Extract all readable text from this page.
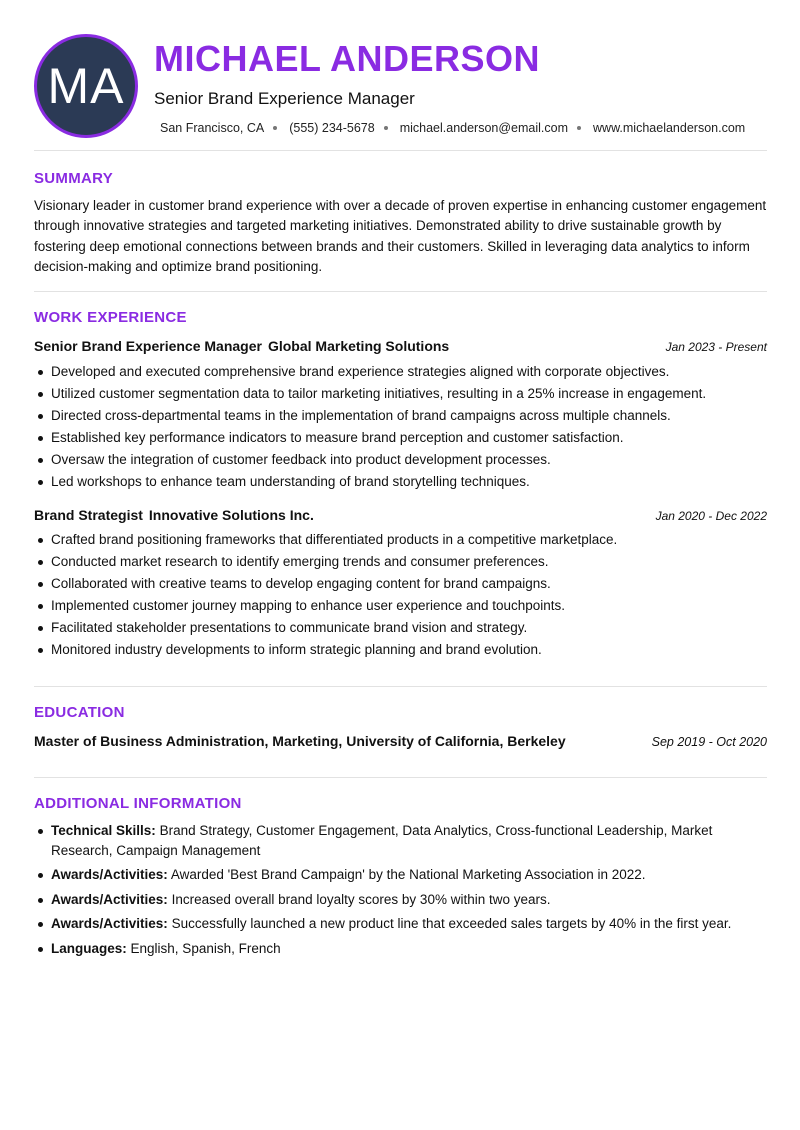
MA MICHAEL ANDERSON
Senior Brand Experience Manager
San Francisco, CA (555) 234-5678 michael.anderson@email.com www.michaelanderson.com
SUMMARY

Visionary leader in customer brand experience with over a decade of proven expertise in enhancing customer engagement through innovative strategies and targeted marketing initiatives. Demonstrated ability to drive sustainable growth by fostering deep emotional connections between brands and their customers. Skilled in leveraging data analytics to inform decision-making and optimize brand positioning.

WORK EXPERIENCE
Senior Brand Experience Manager Global Marketing Solutions	Jan 2023 - Present
Developed and executed comprehensive brand experience strategies aligned with corporate objectives.
Utilized customer segmentation data to tailor marketing initiatives, resulting in a 25% increase in engagement.
Directed cross-departmental teams in the implementation of brand campaigns across multiple channels.
Established key performance indicators to measure brand perception and customer satisfaction.
Oversaw the integration of customer feedback into product development processes.
Led workshops to enhance team understanding of brand storytelling techniques.
Brand Strategist Innovative Solutions Inc.	Jan 2020 - Dec 2022
Crafted brand positioning frameworks that differentiated products in a competitive marketplace.
Conducted market research to identify emerging trends and consumer preferences.
Collaborated with creative teams to develop engaging content for brand campaigns.
Implemented customer journey mapping to enhance user experience and touchpoints.
Facilitated stakeholder presentations to communicate brand vision and strategy.
Monitored industry developments to inform strategic planning and brand evolution.
EDUCATION
Master of Business Administration, Marketing, University of California, Berkeley	Sep 2019 - Oct 2020
ADDITIONAL INFORMATION
Technical Skills: Brand Strategy, Customer Engagement, Data Analytics, Cross-functional Leadership, Market Research, Campaign Management
Awards/Activities: Awarded 'Best Brand Campaign' by the National Marketing Association in 2022.
Awards/Activities: Increased overall brand loyalty scores by 30% within two years.
Awards/Activities: Successfully launched a new product line that exceeded sales targets by 40% in the first year.
Languages: English, Spanish, French
